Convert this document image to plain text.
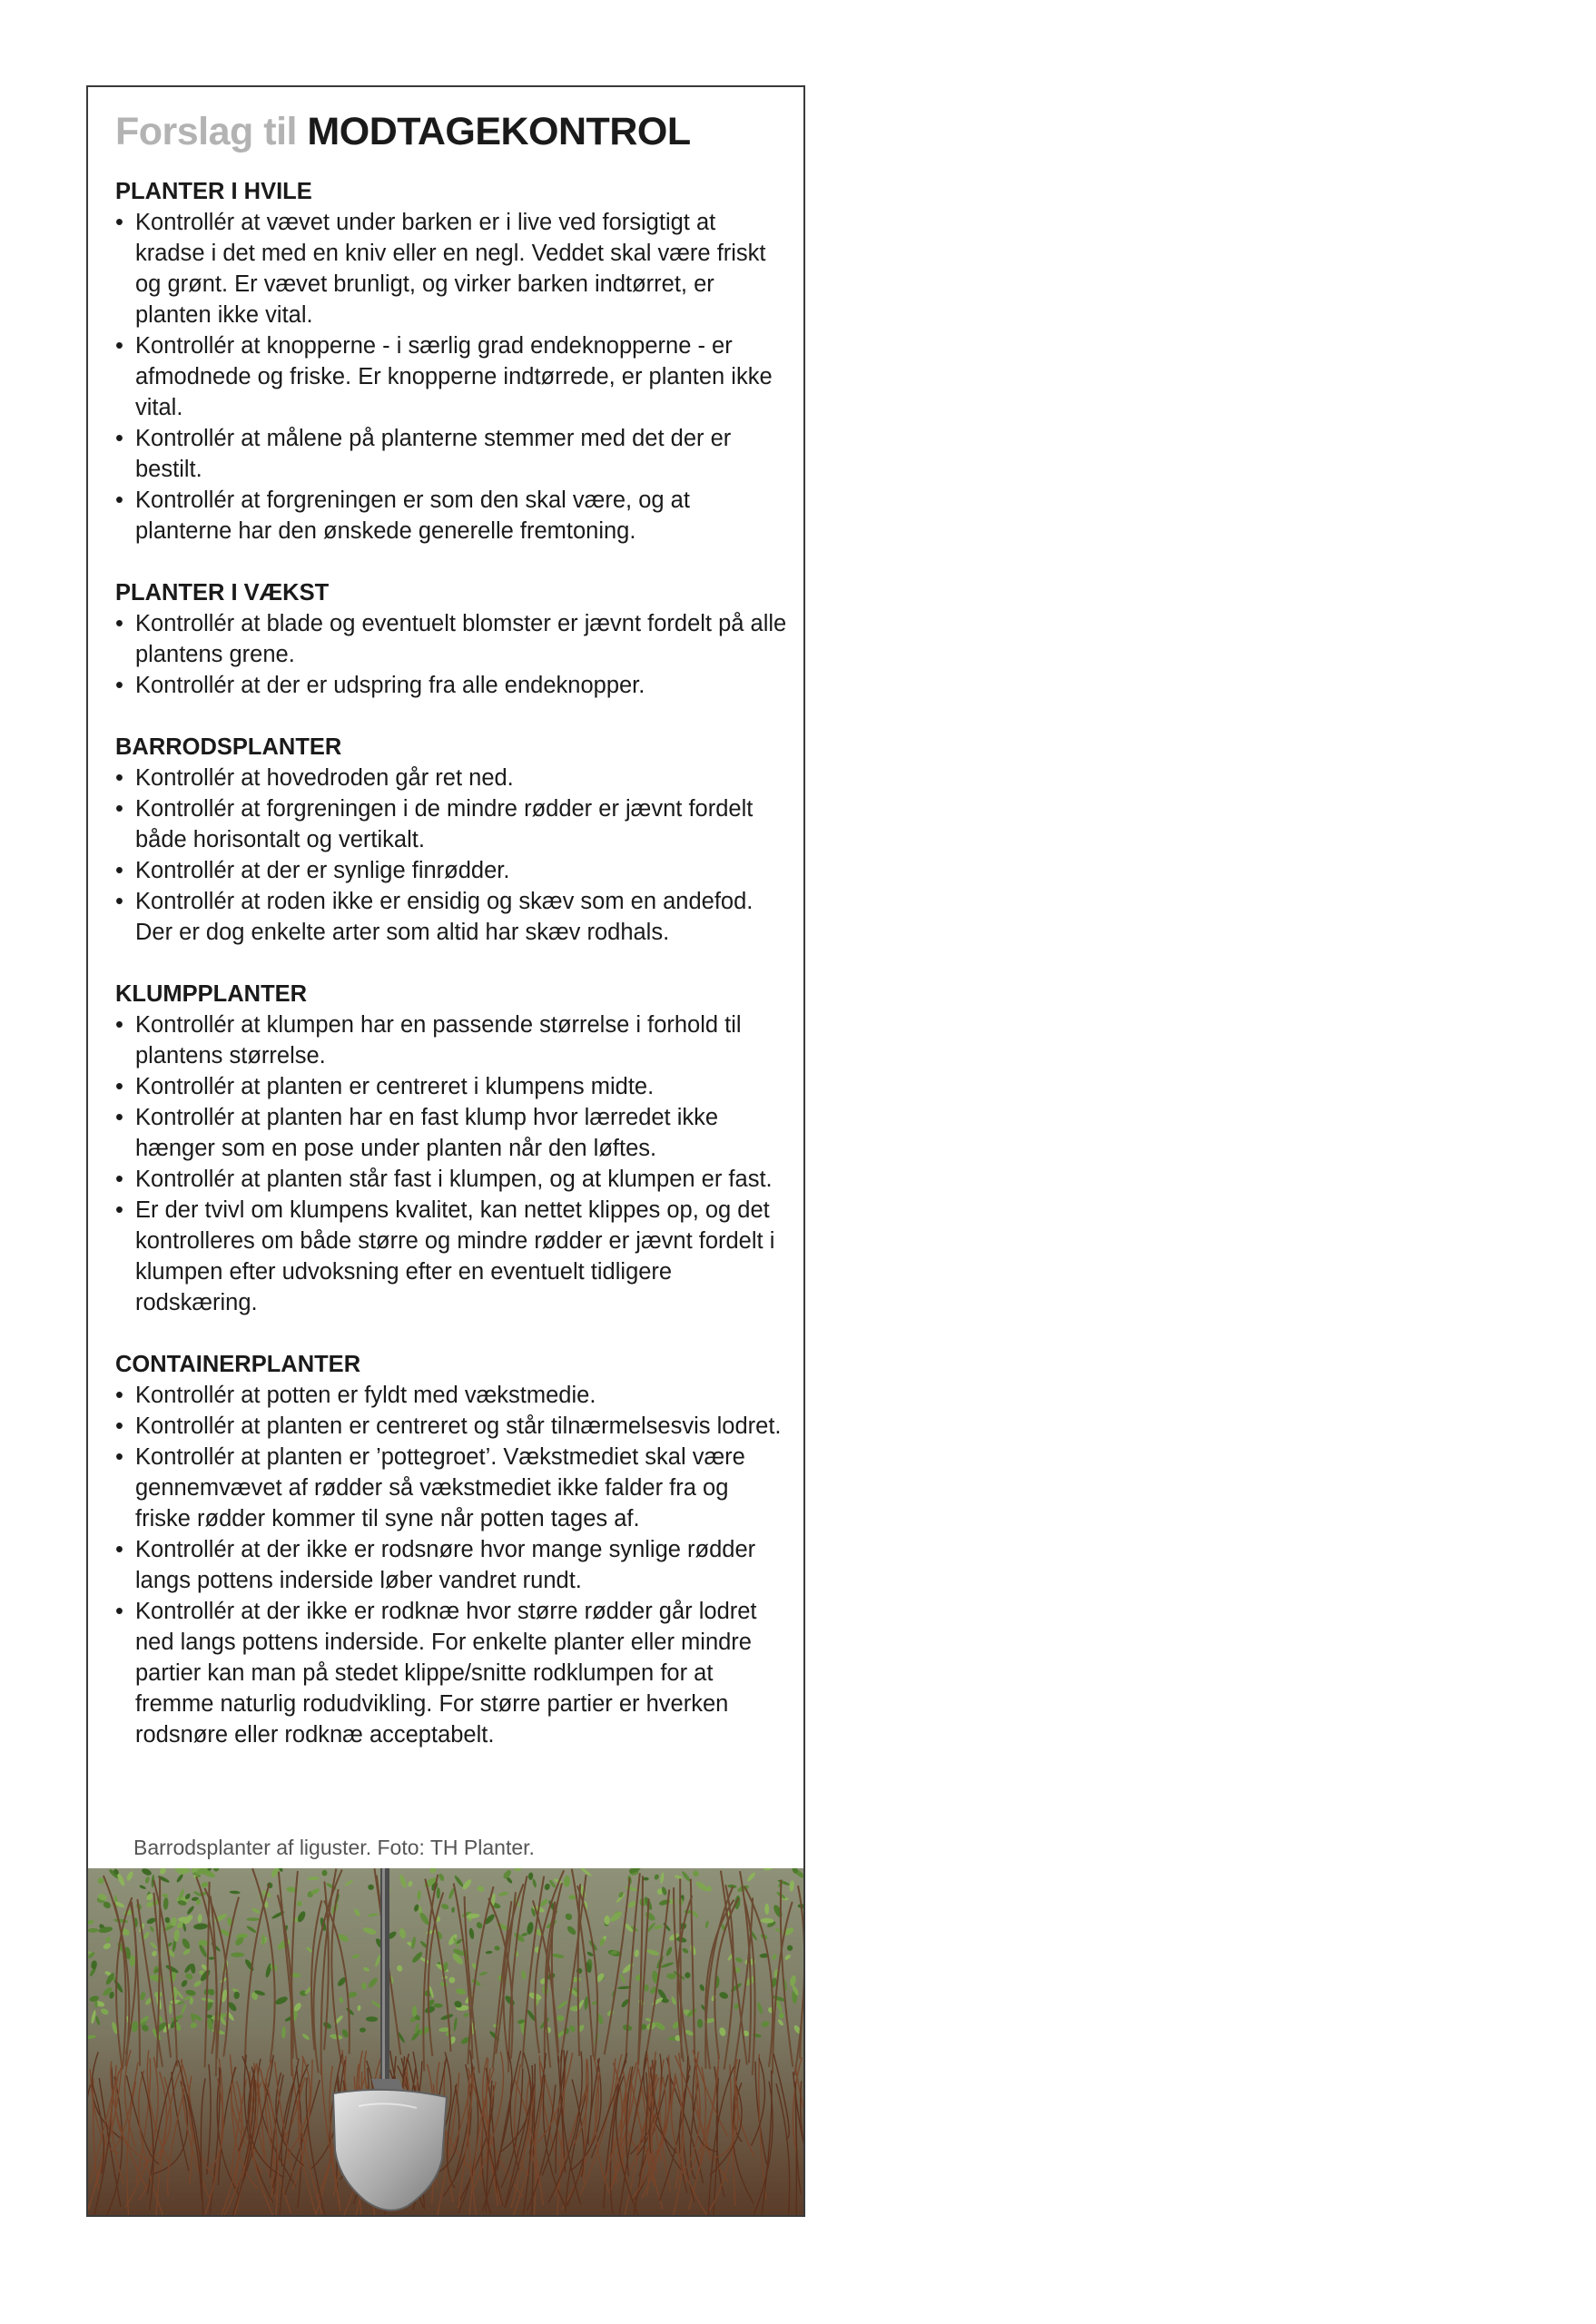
Forslag til MODTAGEKONTROL
PLANTER I HVILE
• Kontrollér at vævet under barken er i live ved forsigtigt at kradse i det med en kniv eller en negl. Veddet skal være friskt og grønt. Er vævet brunligt, og virker barken indtørret, er planten ikke vital.
• Kontrollér at knopperne - i særlig grad endeknopperne - er afmodnede og friske. Er knopperne indtørrede, er planten ikke vital.
• Kontrollér at målene på planterne stemmer med det der er bestilt.
• Kontrollér at forgreningen er som den skal være, og at planterne har den ønskede generelle fremtoning.
PLANTER I VÆKST
• Kontrollér at blade og eventuelt blomster er jævnt fordelt på alle plantens grene.
• Kontrollér at der er udspring fra alle endeknopper.
BARRODSPLANTER
• Kontrollér at hovedroden går ret ned.
• Kontrollér at forgreningen i de mindre rødder er jævnt fordelt både horisontalt og vertikalt.
• Kontrollér at der er synlige finrødder.
• Kontrollér at roden ikke er ensidig og skæv som en andefod. Der er dog enkelte arter som altid har skæv rodhals.
KLUMPPLANTER
• Kontrollér at klumpen har en passende størrelse i forhold til plantens størrelse.
• Kontrollér at planten er centreret i klumpens midte.
• Kontrollér at planten har en fast klump hvor lærredet ikke hænger som en pose under planten når den løftes.
• Kontrollér at planten står fast i klumpen, og at klumpen er fast.
• Er der tvivl om klumpens kvalitet, kan nettet klippes op, og det kontrolleres om både større og mindre rødder er jævnt fordelt i klumpen efter udvoksning efter en eventuelt tidligere rodskæring.
CONTAINERPLANTER
• Kontrollér at potten er fyldt med vækstmedie.
• Kontrollér at planten er centreret og står tilnærmelsesvis lodret.
• Kontrollér at planten er ’pottegroet’. Vækstmediet skal være gennemvævet af rødder så vækstmediet ikke falder fra og friske rødder kommer til syne når potten tages af.
• Kontrollér at der ikke er rodsnøre hvor mange synlige rødder langs pottens inderside løber vandret rundt.
• Kontrollér at der ikke er rodknæ hvor større rødder går lodret ned langs pottens inderside. For enkelte planter eller mindre partier kan man på stedet klippe/snitte rodklumpen for at fremme naturlig rodudvikling. For større partier er hverken rodsnøre eller rodknæ acceptabelt.
Barrodsplanter af liguster. Foto: TH Planter.
